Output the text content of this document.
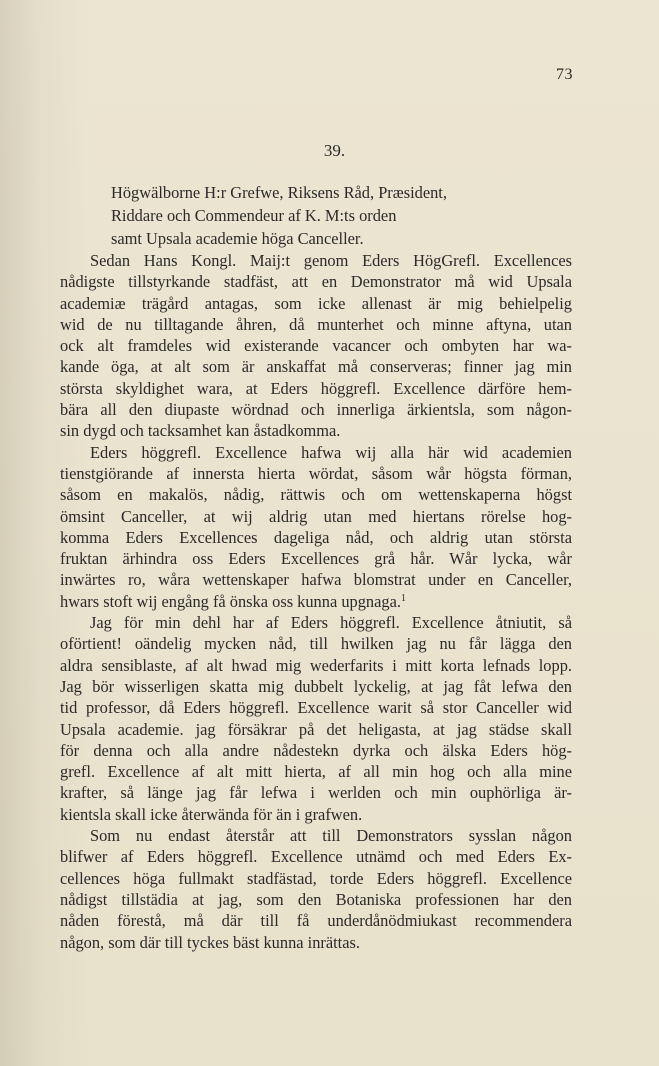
73
39.
Högwälborne H:r Grefwe, Riksens Råd, Præsident,
Riddare och Commendeur af K. M:ts orden
samt Upsala academie höga Canceller.
Sedan Hans Kongl. Maij:t genom Eders HögGrefl. Excellences
nådigste tillstyrkande stadfäst, att en Demonstrator må wid Upsala
academiæ trägård antagas, som icke allenast är mig behielpelig
wid de nu tilltagande åhren, då munterhet och minne aftyna, utan
ock alt framdeles wid existerande vacancer och ombyten har wa-
kande öga, at alt som är anskaffat må conserveras; finner jag min
största skyldighet wara, at Eders höggrefl. Excellence därföre hem-
bära all den diupaste wördnad och innerliga ärkientsla, som någon-
sin dygd och tacksamhet kan åstadkomma.
Eders höggrefl. Excellence hafwa wij alla här wid academien
tienstgiörande af innersta hierta wördat, såsom wår högsta förman,
såsom en makalös, nådig, rättwis och om wettenskaperna högst
ömsint Canceller, at wij aldrig utan med hiertans rörelse hog-
komma Eders Excellences dageliga nåd, och aldrig utan största
fruktan ärhindra oss Eders Excellences grå hår. Wår lycka, wår
inwärtes ro, wåra wettenskaper hafwa blomstrat under en Canceller,
hwars stoft wij engång få önska oss kunna upgnaga.$^1$
Jag för min dehl har af Eders höggrefl. Excellence åtniutit, så
oförtient! oändelig mycken nåd, till hwilken jag nu får lägga den
aldra sensiblaste, af alt hwad mig wederfarits i mitt korta lefnads lopp.
Jag bör wisserligen skatta mig dubbelt lyckelig, at jag fåt lefwa den
tid professor, då Eders höggrefl. Excellence warit så stor Canceller wid
Upsala academie. jag försäkrar på det heligasta, at jag städse skall
för denna och alla andre nådestekn dyrka och älska Eders hög-
grefl. Excellence af alt mitt hierta, af all min hog och alla mine
krafter, så länge jag får lefwa i werlden och min ouphörliga är-
kientsla skall icke återwända för än i grafwen.
Som nu endast återstår att till Demonstrators sysslan någon
blifwer af Eders höggrefl. Excellence utnämd och med Eders Ex-
cellences höga fullmakt stadfästad, torde Eders höggrefl. Excellence
nådigst tillstädia at jag, som den Botaniska professionen har den
nåden förestå, må där till få underdånödmiukast recommendera
någon, som där till tyckes bäst kunna inrättas.
